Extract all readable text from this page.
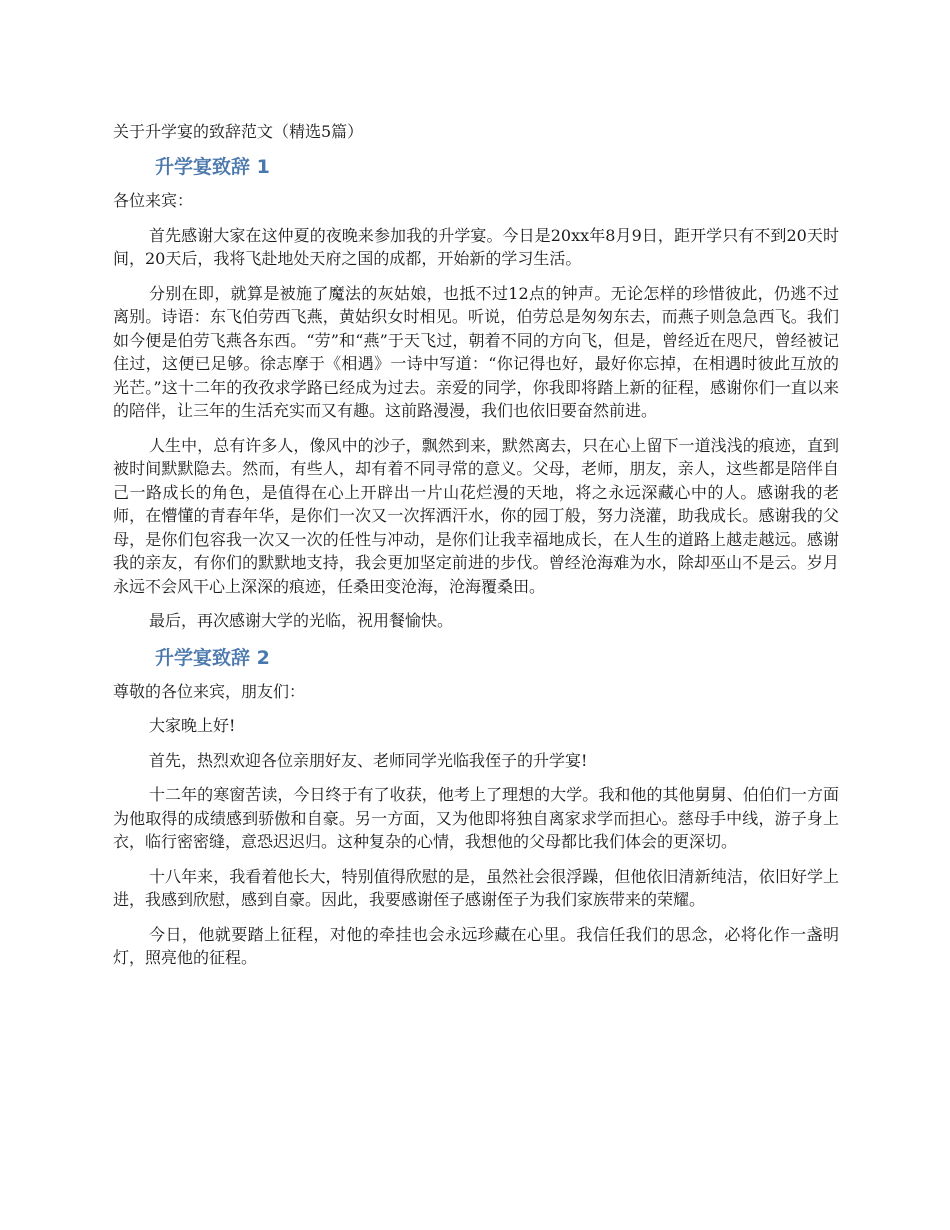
关于升学宴的致辞范文（精选5篇）

升学宴致辞 1

各位来宾：

首先感谢大家在这仲夏的夜晚来参加我的升学宴。今日是20xx年8月9日，距开学只有不到20天时间，20天后，我将飞赴地处天府之国的成都，开始新的学习生活。

分别在即，就算是被施了魔法的灰姑娘，也抵不过12点的钟声。无论怎样的珍惜彼此，仍逃不过离别。诗语：东飞伯劳西飞燕，黄姑织女时相见。听说，伯劳总是匆匆东去，而燕子则急急西飞。我们如今便是伯劳飞燕各东西。“劳”和“燕”于天飞过，朝着不同的方向飞，但是，曾经近在咫尺，曾经被记住过，这便已足够。徐志摩于《相遇》一诗中写道：“你记得也好，最好你忘掉，在相遇时彼此互放的光芒。”这十二年的孜孜求学路已经成为过去。亲爱的同学，你我即将踏上新的征程，感谢你们一直以来的陪伴，让三年的生活充实而又有趣。这前路漫漫，我们也依旧要奋然前进。

人生中，总有许多人，像风中的沙子，飘然到来，默然离去，只在心上留下一道浅浅的痕迹，直到被时间默默隐去。然而，有些人，却有着不同寻常的意义。父母，老师，朋友，亲人，这些都是陪伴自己一路成长的角色，是值得在心上开辟出一片山花烂漫的天地，将之永远深藏心中的人。感谢我的老师，在懵懂的青春年华，是你们一次又一次挥洒汗水，你的园丁般，努力浇灌，助我成长。感谢我的父母，是你们包容我一次又一次的任性与冲动，是你们让我幸福地成长，在人生的道路上越走越远。感谢我的亲友，有你们的默默地支持，我会更加坚定前进的步伐。曾经沧海难为水，除却巫山不是云。岁月永远不会风干心上深深的痕迹，任桑田变沧海，沧海覆桑田。

最后，再次感谢大学的光临，祝用餐愉快。

升学宴致辞 2

尊敬的各位来宾，朋友们：

大家晚上好!

首先，热烈欢迎各位亲朋好友、老师同学光临我侄子的升学宴!

十二年的寒窗苦读，今日终于有了收获，他考上了理想的大学。我和他的其他舅舅、伯伯们一方面为他取得的成绩感到骄傲和自豪。另一方面，又为他即将独自离家求学而担心。慈母手中线，游子身上衣，临行密密缝，意恐迟迟归。这种复杂的心情，我想他的父母都比我们体会的更深切。

十八年来，我看着他长大，特别值得欣慰的是，虽然社会很浮躁，但他依旧清新纯洁，依旧好学上进，我感到欣慰，感到自豪。因此，我要感谢侄子感谢侄子为我们家族带来的荣耀。

今日，他就要踏上征程，对他的牵挂也会永远珍藏在心里。我信任我们的思念，必将化作一盏明灯，照亮他的征程。
